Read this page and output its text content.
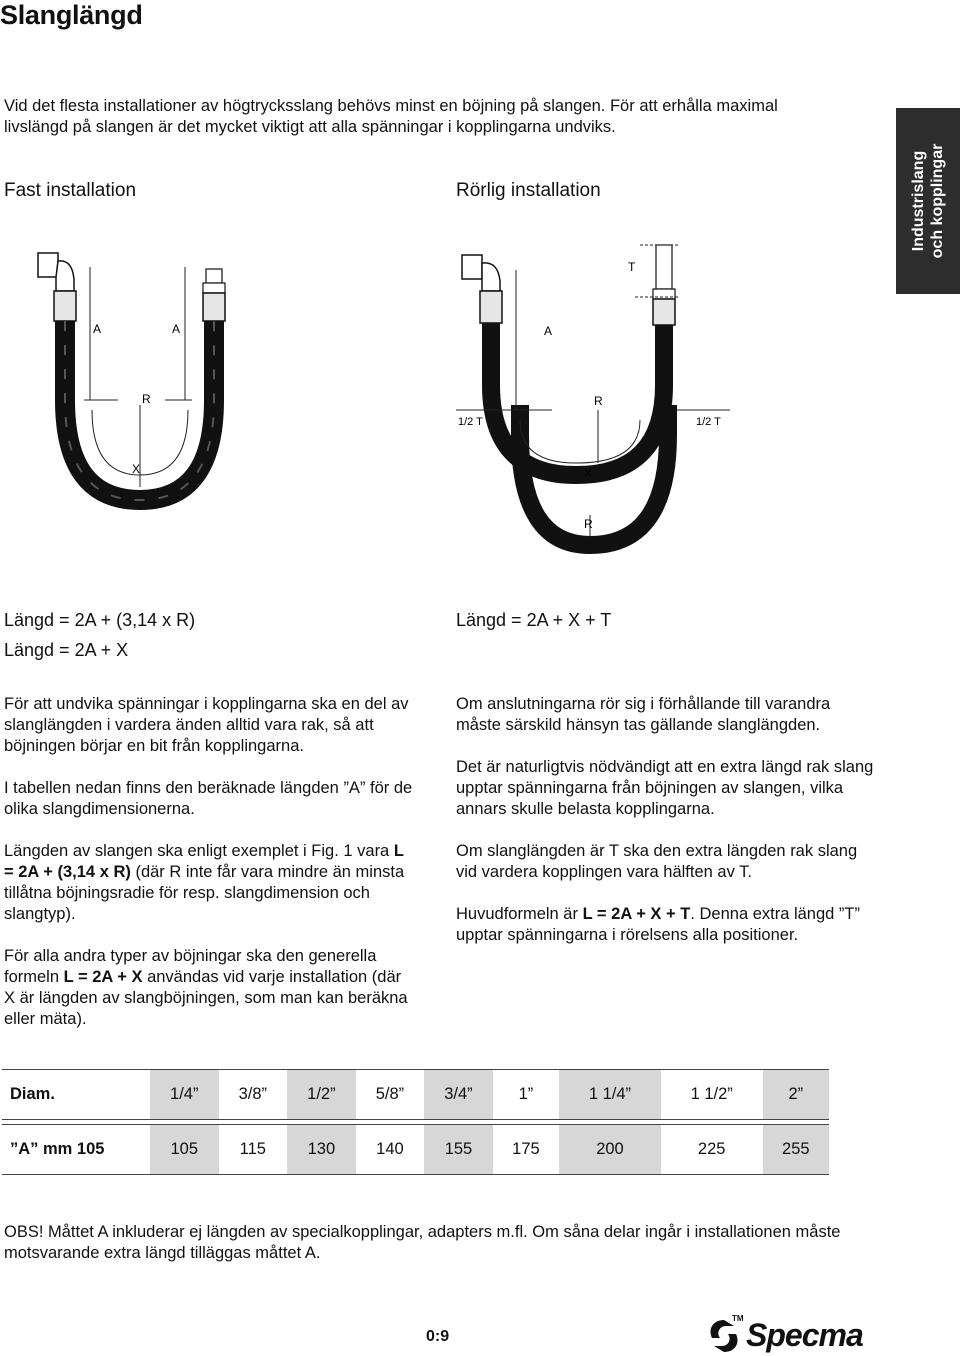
Slanglängd
Vid det flesta installationer av högtrycksslang behövs minst en böjning på slangen. För att erhålla maximal livslängd på slangen är det mycket viktigt att alla spänningar i kopplingarna undviks.
Fast installation	Rörlig installation	Industrislang och kopplingar
A	A
R
X
T
A
1/2 T	1/2 T
R
X
R
Längd = 2A + (3,14 x R)
Längd = 2A + X
Längd = 2A + X + T

För att undvika spänningar i kopplingarna ska en del av slanglängden i vardera änden alltid vara rak, så att böjningen börjar en bit från kopplingarna.

I tabellen nedan finns den beräknade längden ”A” för de olika slangdimensionerna.

Längden av slangen ska enligt exemplet i Fig. 1 vara L = 2A + (3,14 x R) (där R inte får vara mindre än minsta tillåtna böjningsradie för resp. slangdimension och slangtyp).

För alla andra typer av böjningar ska den generella formeln L = 2A + X användas vid varje installation (där X är längden av slangböjningen, som man kan beräkna eller mäta).

Om anslutningarna rör sig i förhållande till varandra måste särskild hänsyn tas gällande slanglängden.

Det är naturligtvis nödvändigt att en extra längd rak slang upptar spänningarna från böjningen av slangen, vilka annars skulle belasta kopplingarna.

Om slanglängden är T ska den extra längden rak slang vid vardera kopplingen vara hälften av T.

Huvudformeln är L = 2A + X + T. Denna extra längd ”T” upptar spänningarna i rörelsens alla positioner.

Diam.	1/4”	3/8”	1/2”	5/8”	3/4”	1”	1 1/4”	1 1/2”	2”

”A” mm 105	105	115	130	140	155	175	200	225	255
OBS! Måttet A inkluderar ej längden av specialkopplingar, adapters m.fl. Om såna delar ingår i installationen måste motsvarande extra längd tilläggas måttet A.
0:9
TM Specma
